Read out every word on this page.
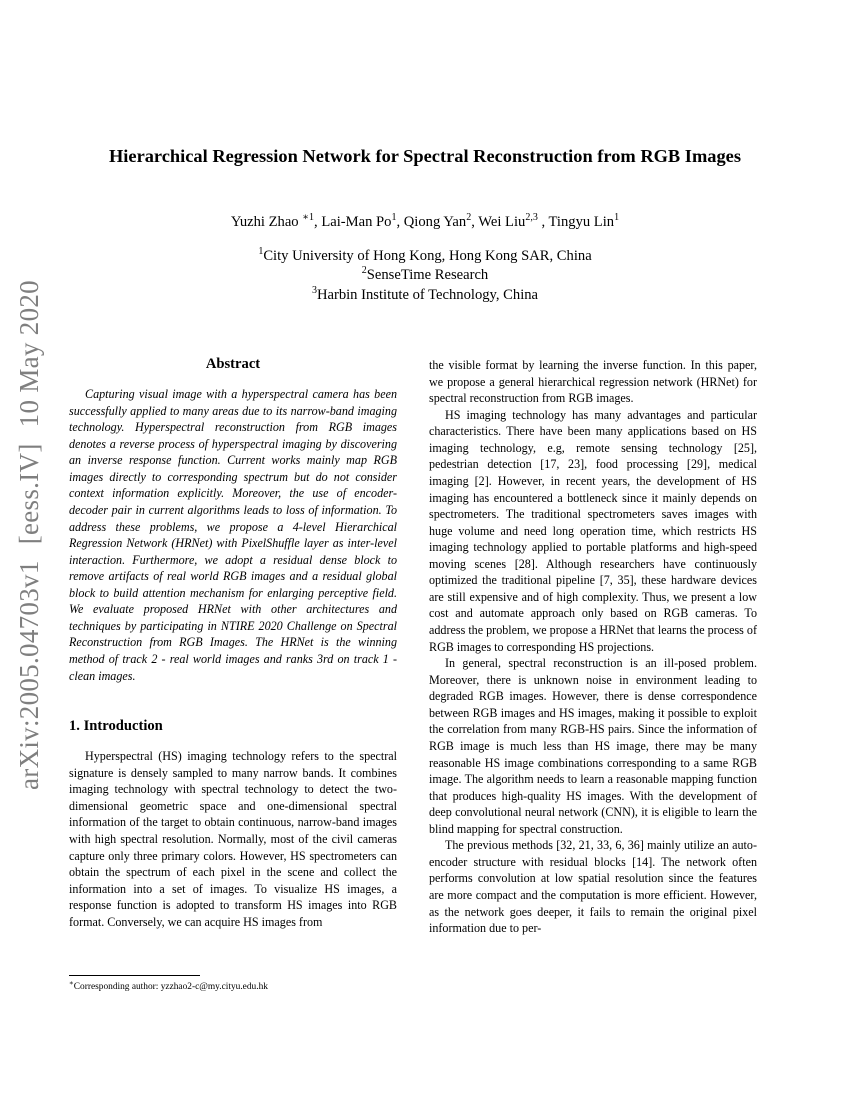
arXiv:2005.04703v1 [eess.IV] 10 May 2020
Hierarchical Regression Network for Spectral Reconstruction from RGB Images
Yuzhi Zhao $^{∗1}$, Lai-Man Po$^1$, Qiong Yan$^2$, Wei Liu$^{2,3}$ , Tingyu Lin$^1$
$^1$City University of Hong Kong, Hong Kong SAR, China
$^2$SenseTime Research
$^3$Harbin Institute of Technology, China
Abstract

Capturing visual image with a hyperspectral camera has been successfully applied to many areas due to its narrow-band imaging technology. Hyperspectral reconstruction from RGB images denotes a reverse process of hyperspectral imaging by discovering an inverse response function. Current works mainly map RGB images directly to corresponding spectrum but do not consider context information explicitly. Moreover, the use of encoder-decoder pair in current algorithms leads to loss of information. To address these problems, we propose a 4-level Hierarchical Regression Network (HRNet) with PixelShuffle layer as inter-level interaction. Furthermore, we adopt a residual dense block to remove artifacts of real world RGB images and a residual global block to build attention mechanism for enlarging perceptive field. We evaluate proposed HRNet with other architectures and techniques by participating in NTIRE 2020 Challenge on Spectral Reconstruction from RGB Images. The HRNet is the winning method of track 2 - real world images and ranks 3rd on track 1 - clean images.

1. Introduction

Hyperspectral (HS) imaging technology refers to the spectral signature is densely sampled to many narrow bands. It combines imaging technology with spectral technology to detect the two-dimensional geometric space and one-dimensional spectral information of the target to obtain continuous, narrow-band images with high spectral resolution. Normally, most of the civil cameras capture only three primary colors. However, HS spectrometers can obtain the spectrum of each pixel in the scene and collect the information into a set of images. To visualize HS images, a response function is adopted to transform HS images into RGB format. Conversely, we can acquire HS images from

the visible format by learning the inverse function. In this paper, we propose a general hierarchical regression network (HRNet) for spectral reconstruction from RGB images.

HS imaging technology has many advantages and particular characteristics. There have been many applications based on HS imaging technology, e.g, remote sensing technology [25], pedestrian detection [17, 23], food processing [29], medical imaging [2]. However, in recent years, the development of HS imaging has encountered a bottleneck since it mainly depends on spectrometers. The traditional spectrometers saves images with huge volume and need long operation time, which restricts HS imaging technology applied to portable platforms and high-speed moving scenes [28]. Although researchers have continuously optimized the traditional pipeline [7, 35], these hardware devices are still expensive and of high complexity. Thus, we present a low cost and automate approach only based on RGB cameras. To address the problem, we propose a HRNet that learns the process of RGB images to corresponding HS projections.

In general, spectral reconstruction is an ill-posed problem. Moreover, there is unknown noise in environment leading to degraded RGB images. However, there is dense correspondence between RGB images and HS images, making it possible to exploit the correlation from many RGB-HS pairs. Since the information of RGB image is much less than HS image, there may be many reasonable HS image combinations corresponding to a same RGB image. The algorithm needs to learn a reasonable mapping function that produces high-quality HS images. With the development of deep convolutional neural network (CNN), it is eligible to learn the blind mapping for spectral construction.

The previous methods [32, 21, 33, 6, 36] mainly utilize an auto-encoder structure with residual blocks [14]. The network often performs convolution at low spatial resolution since the features are more compact and the computation is more efficient. However, as the network goes deeper, it fails to remain the original pixel information due to per-

∗Corresponding author: yzzhao2-c@my.cityu.edu.hk
